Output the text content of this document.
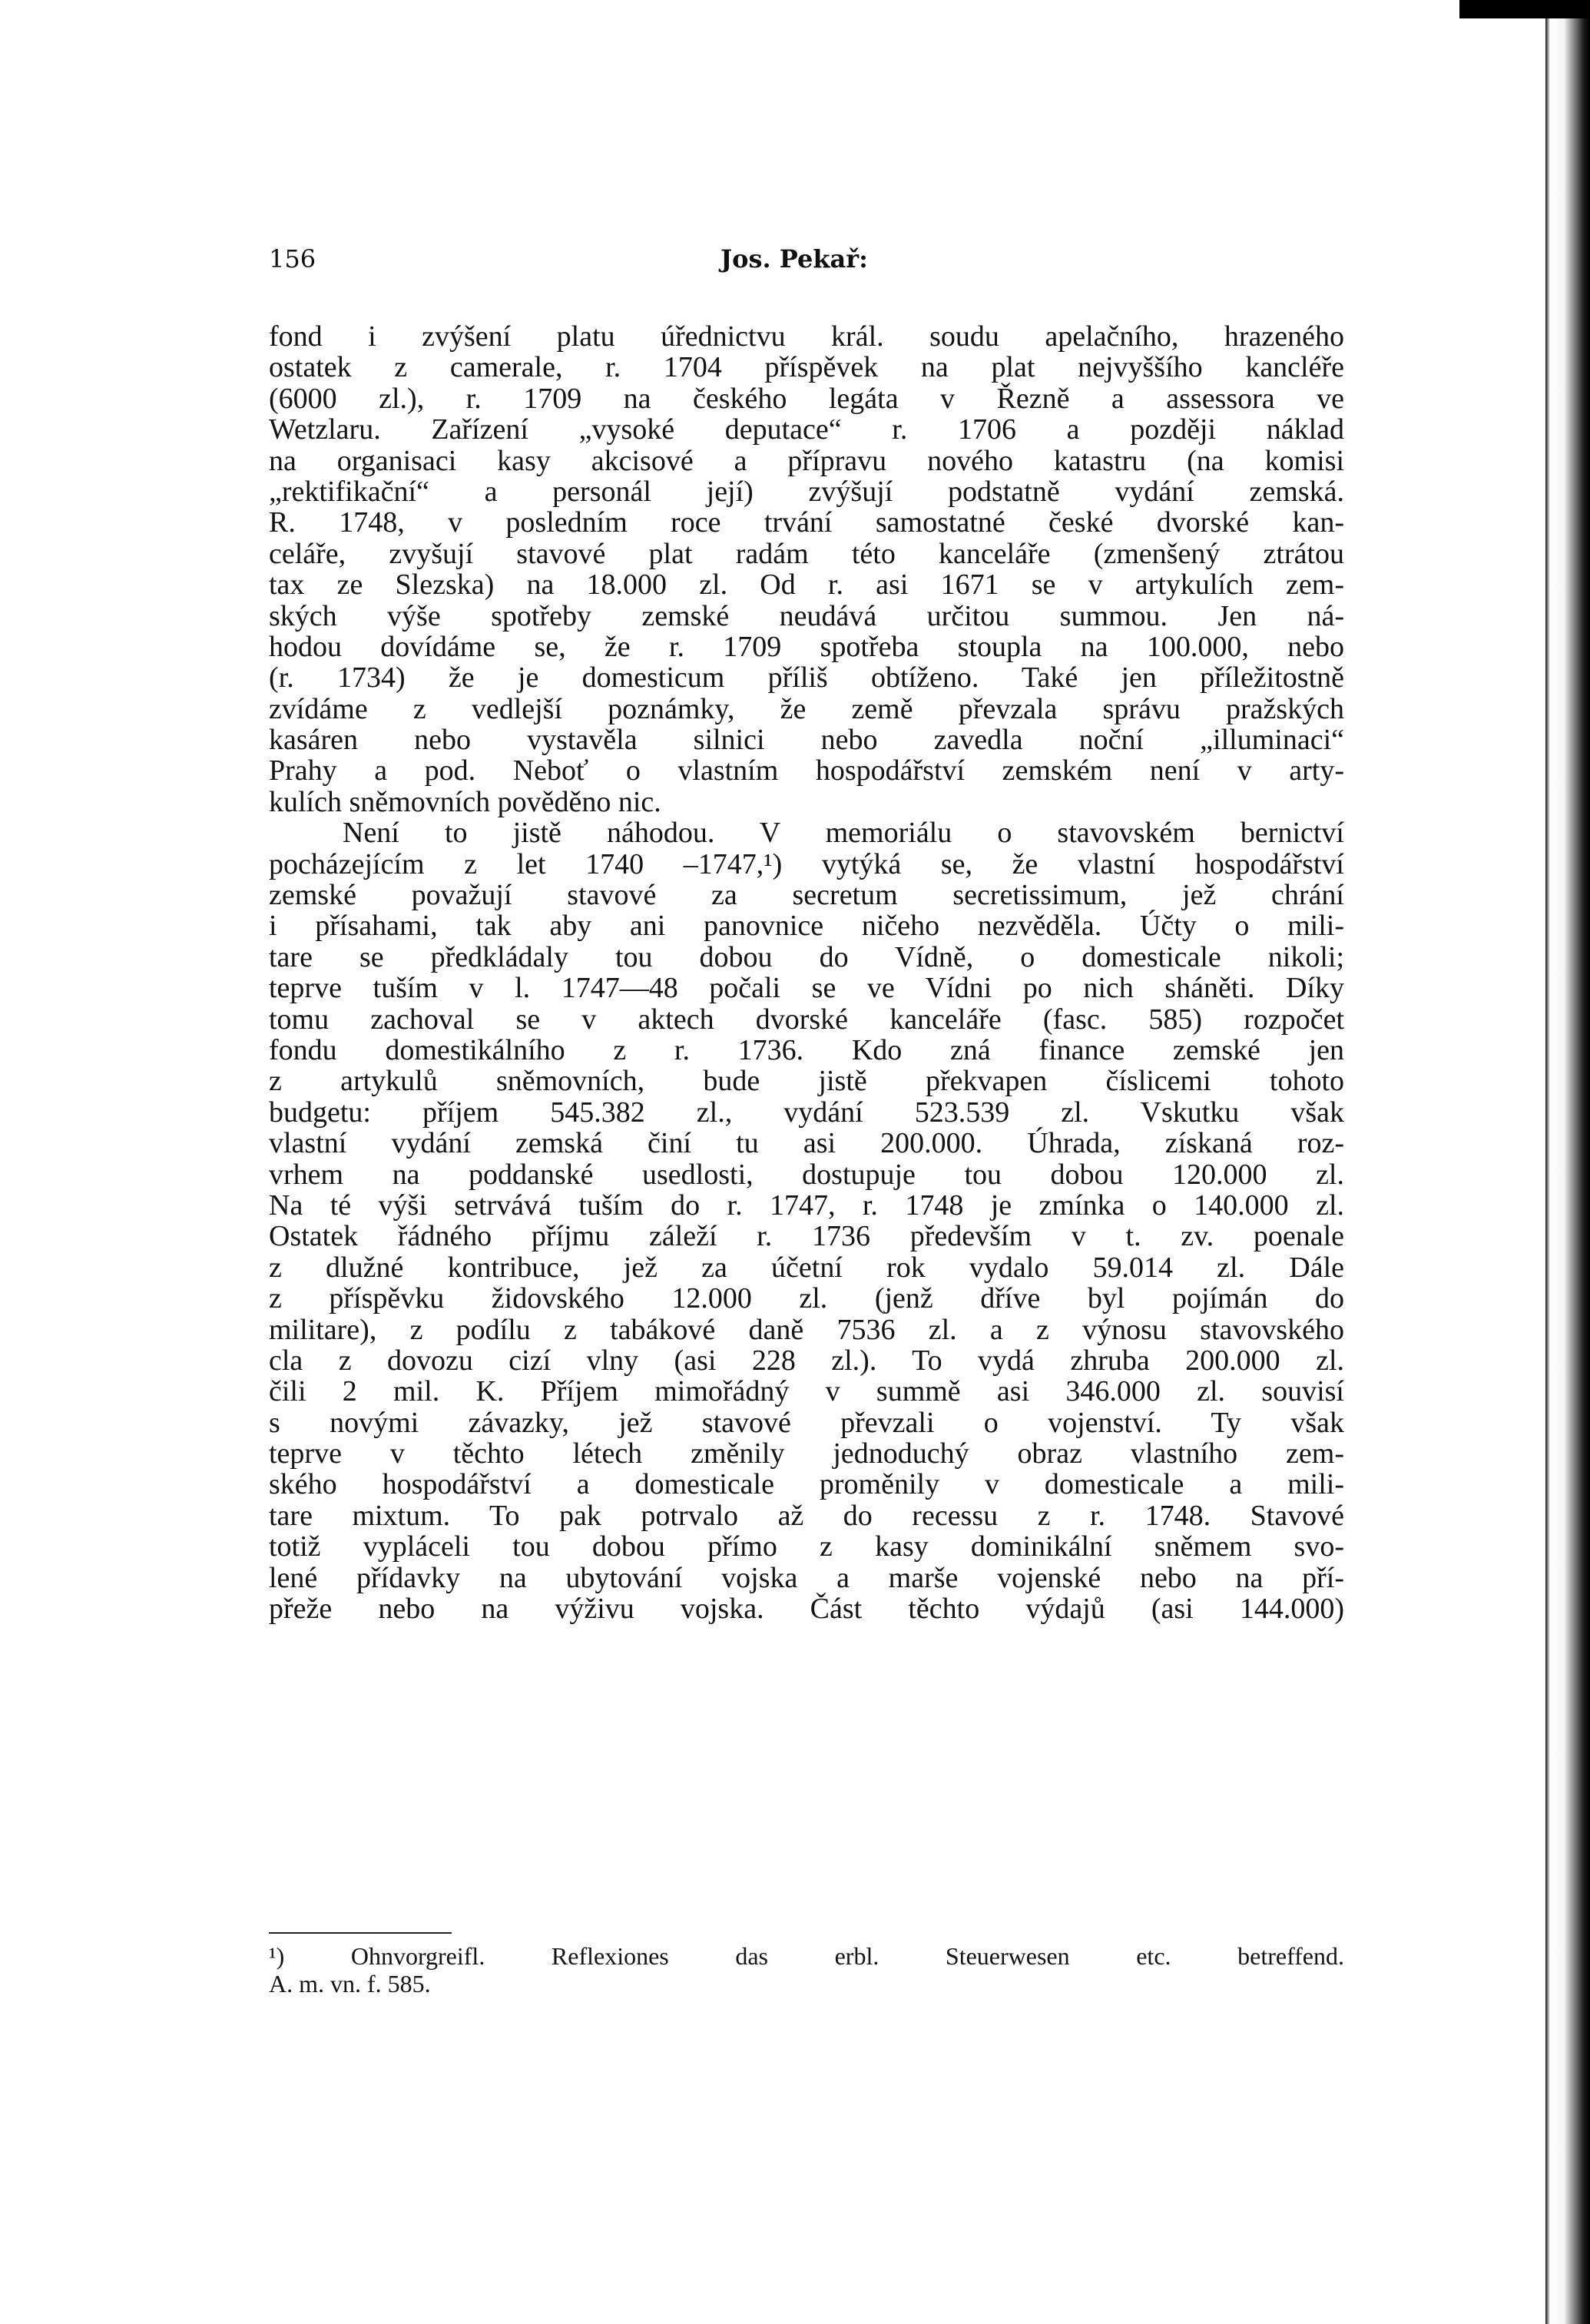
156	Jos. Pekař:
fond i zvýšení platu úřednictvu král. soudu apelačního, hrazeného
ostatek z camerale, r. 1704 příspěvek na plat nejvyššího kancléře
(6000 zl.), r. 1709 na českého legáta v Řezně a assessora ve
Wetzlaru. Zařízení „vysoké deputace“ r. 1706 a později náklad
na organisaci kasy akcisové a přípravu nového katastru (na komisi
„rektifikační“ a personál její) zvýšují podstatně vydání zemská.
R. 1748, v posledním roce trvání samostatné české dvorské kan-
celáře, zvyšují stavové plat radám této kanceláře (zmenšený ztrátou
tax ze Slezska) na 18.000 zl. Od r. asi 1671 se v artykulích zem-
ských výše spotřeby zemské neudává určitou summou. Jen ná-
hodou dovídáme se, že r. 1709 spotřeba stoupla na 100.000, nebo
(r. 1734) že je domesticum příliš obtíženo. Také jen příležitostně
zvídáme z vedlejší poznámky, že země převzala správu pražských
kasáren nebo vystavěla silnici nebo zavedla noční „illuminaci“
Prahy a pod. Neboť o vlastním hospodářství zemském není v arty-
kulích sněmovních pověděno nic.
Není to jistě náhodou. V memoriálu o stavovském bernictví
pocházejícím z let 1740 –1747,¹) vytýká se, že vlastní hospodářství
zemské považují stavové za secretum secretissimum, jež chrání
i přísahami, tak aby ani panovnice ničeho nezvěděla. Účty o mili-
tare se předkládaly tou dobou do Vídně, o domesticale nikoli;
teprve tuším v l. 1747—48 počali se ve Vídni po nich sháněti. Díky
tomu zachoval se v aktech dvorské kanceláře (fasc. 585) rozpočet
fondu domestikálního z r. 1736. Kdo zná finance zemské jen
z artykulů sněmovních, bude jistě překvapen číslicemi tohoto
budgetu: příjem 545.382 zl., vydání 523.539 zl. Vskutku však
vlastní vydání zemská činí tu asi 200.000. Úhrada, získaná roz-
vrhem na poddanské usedlosti, dostupuje tou dobou 120.000 zl.
Na té výši setrvává tuším do r. 1747, r. 1748 je zmínka o 140.000 zl.
Ostatek řádného příjmu záleží r. 1736 především v t. zv. poenale
z dlužné kontribuce, jež za účetní rok vydalo 59.014 zl. Dále
z příspěvku židovského 12.000 zl. (jenž dříve byl pojímán do
militare), z podílu z tabákové daně 7536 zl. a z výnosu stavovského
cla z dovozu cizí vlny (asi 228 zl.). To vydá zhruba 200.000 zl.
čili 2 mil. K. Příjem mimořádný v summě asi 346.000 zl. souvisí
s novými závazky, jež stavové převzali o vojenství. Ty však
teprve v těchto létech změnily jednoduchý obraz vlastního zem-
ského hospodářství a domesticale proměnily v domesticale a mili-
tare mixtum. To pak potrvalo až do recessu z r. 1748. Stavové
totiž vypláceli tou dobou přímo z kasy dominikální sněmem svo-
lené přídavky na ubytování vojska a marše vojenské nebo na pří-
přeže nebo na výživu vojska. Část těchto výdajů (asi 144.000)
¹) Ohnvorgreifl. Reflexiones das erbl. Steuerwesen etc. betreffend.
A. m. vn. f. 585.
